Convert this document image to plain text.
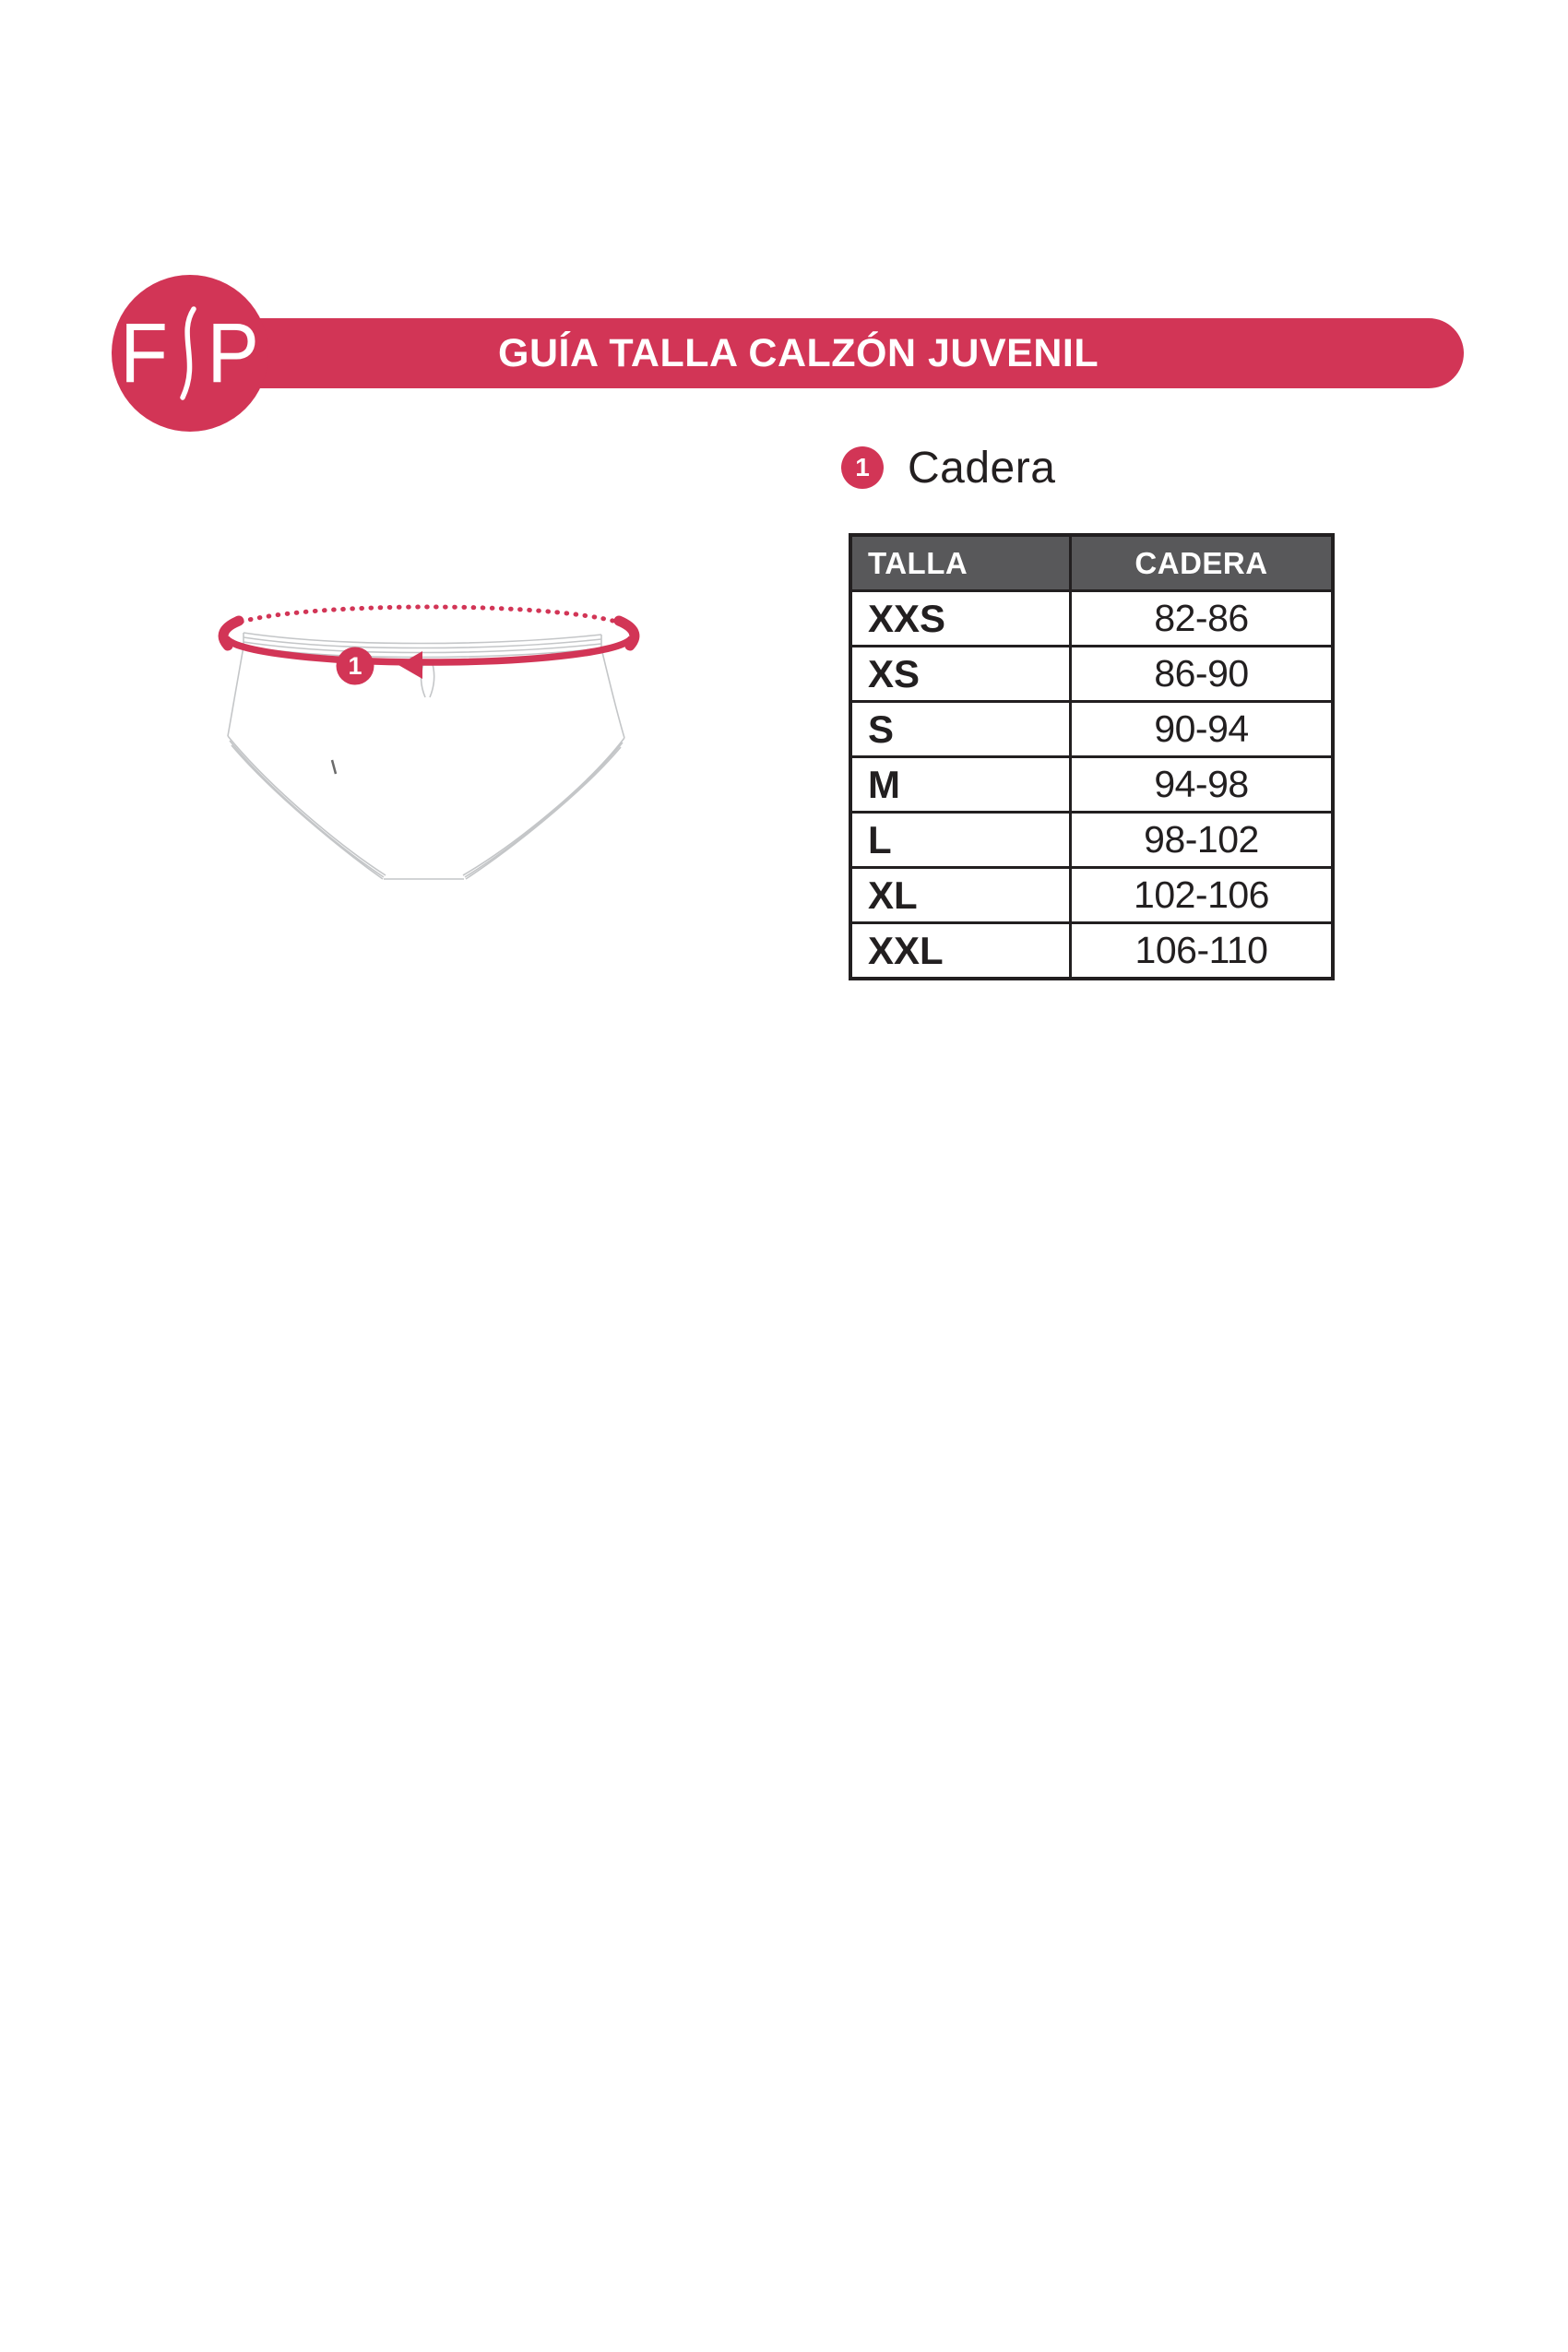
GUÍA TALLA CALZÓN JUVENIL
F P
1 Cadera
TALLA	CADERA
XXS	82-86
XS	86-90
S	90-94
M	94-98
L	98-102
XL	102-106
XXL	106-110
1
